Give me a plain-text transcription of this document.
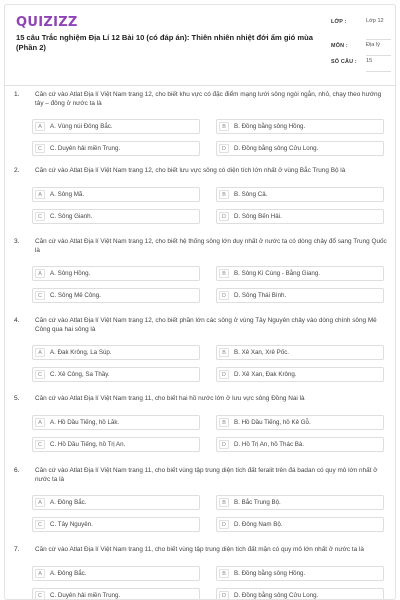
QUIZIZZ
15 câu Trắc nghiệm Địa Lí 12 Bài 10 (có đáp án): Thiên nhiên nhiệt đới ẩm gió mùa (Phần 2)
LỚP :	Lớp 12
MÔN :	Địa lý
SỐ CÂU : 15
1. Căn cứ vào Atlat Địa lí Việt Nam trang 12, cho biết khu vực có đặc điểm mạng lưới sông ngòi ngắn, nhỏ, chạy theo hướng tây – đông ở nước ta là
A	A. Vùng núi Đông Bắc.	B	B. Đồng bằng sông Hồng.
C	C. Duyên hải miền Trung.	D	D. Đồng bằng sông Cửu Long.
2. Căn cứ vào Atlat Địa lí Việt Nam trang 12, cho biết lưu vực sông có diện tích lớn nhất ở vùng Bắc Trung Bộ là
A	A. Sông Mã.	B	B. Sông Cả.
C	C. Sông Gianh.	D	D. Sông Bến Hải.
3. Căn cứ vào Atlat Địa lí Việt Nam trang 12, cho biết hệ thống sông lớn duy nhất ở nước ta có dòng chảy đổ sang Trung Quốc là
A	A. Sông Hồng.	B	B. Sông Kì Cùng - Bằng Giang.
C	C. Sông Mê Công.	D	D. Sông Thái Bình.
4. Căn cứ vào Atlat Địa lí Việt Nam trang 12, cho biết phần lớn các sông ở vùng Tây Nguyên chảy vào dòng chính sông Mê Công qua hai sông là
A	A. Đak Krông, La Súp.	B	B. Xê Xan, Xrê Pốc.
C	C. Xê Công, Sa Thầy.	D	D. Xê Xan, Đak Krông.
5. Căn cứ vào Atlat Địa lí Việt Nam trang 11, cho biết hai hồ nước lớn ở lưu vực sông Đồng Nai là
A	A. Hồ Dầu Tiếng, hồ Lăk.	B	B. Hồ Dầu Tiếng, hồ Kẻ Gỗ.
C	C. Hồ Dầu Tiếng, hồ Trị An.	D	D. Hồ Trị An, hồ Thác Bà.
6. Căn cứ vào Atlat Địa lí Việt Nam trang 11, cho biết vùng tập trung diện tích đất feralit trên đá badan có quy mô lớn nhất ở nước ta là
A	A. Đông Bắc.	B	B. Bắc Trung Bộ.
C	C. Tây Nguyên.	D	D. Đông Nam Bộ.
7. Căn cứ vào Atlat Địa lí Việt Nam trang 11, cho biết vùng tập trung diện tích đất mặn có quy mô lớn nhất ở nước ta là
A	A. Đông Bắc.	B	B. Đồng bằng sông Hồng.
C	C. Duyên hải miền Trung.	D	D. Đồng bằng sông Cửu Long.
